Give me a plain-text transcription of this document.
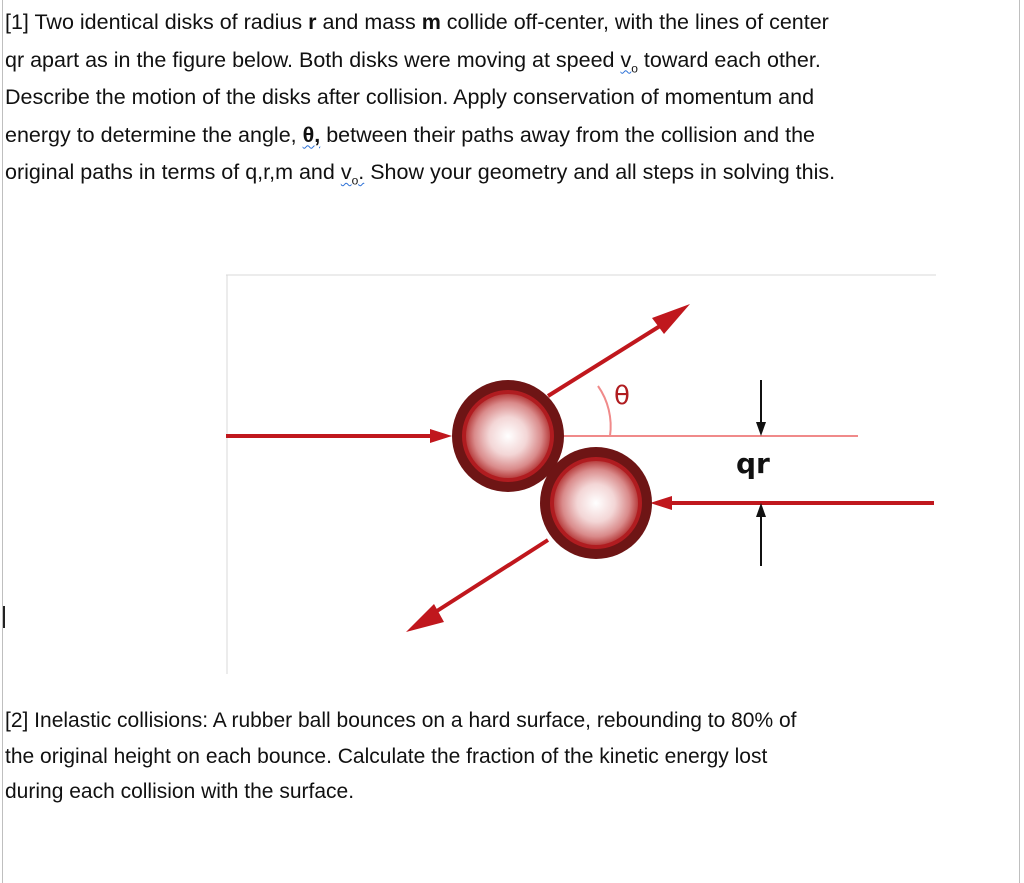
[1] Two identical disks of radius r and mass m collide off-center, with the lines of center
qr apart as in the figure below. Both disks were moving at speed $v_o$ toward each other.
Describe the motion of the disks after collision. Apply conservation of momentum and
energy to determine the angle, θ, between their paths away from the collision and the
original paths in terms of q,r,m and $v_o$. Show your geometry and all steps in solving this.
θ
qr
[2] Inelastic collisions: A rubber ball bounces on a hard surface, rebounding to 80% of
the original height on each bounce. Calculate the fraction of the kinetic energy lost
during each collision with the surface.
